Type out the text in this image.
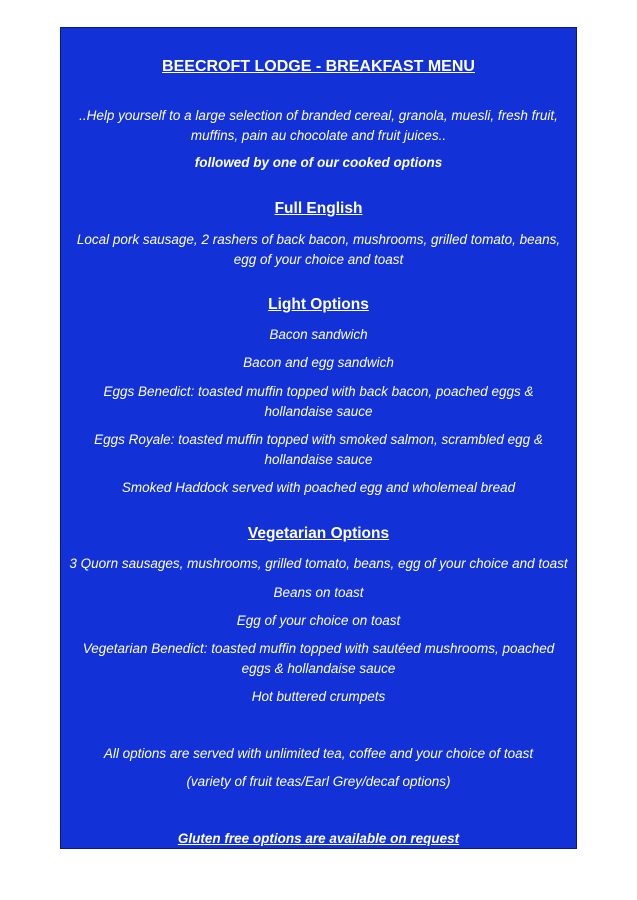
BEECROFT LODGE - BREAKFAST MENU
..Help yourself to a large selection of branded cereal, granola, muesli, fresh fruit, muffins, pain au chocolate and fruit juices..
followed by one of our cooked options
Full English
Local pork sausage, 2 rashers of back bacon, mushrooms, grilled tomato, beans, egg of your choice and toast
Light Options
Bacon sandwich
Bacon and egg sandwich
Eggs Benedict: toasted muffin topped with back bacon, poached eggs & hollandaise sauce
Eggs Royale: toasted muffin topped with smoked salmon, scrambled egg & hollandaise sauce
Smoked Haddock served with poached egg and wholemeal bread
Vegetarian Options
3 Quorn sausages, mushrooms, grilled tomato, beans, egg of your choice and toast
Beans on toast
Egg of your choice on toast
Vegetarian Benedict: toasted muffin topped with sautéed mushrooms, poached eggs & hollandaise sauce
Hot buttered crumpets
All options are served with unlimited tea, coffee and your choice of toast
(variety of fruit teas/Earl Grey/decaf options)
Gluten free options are available on request
